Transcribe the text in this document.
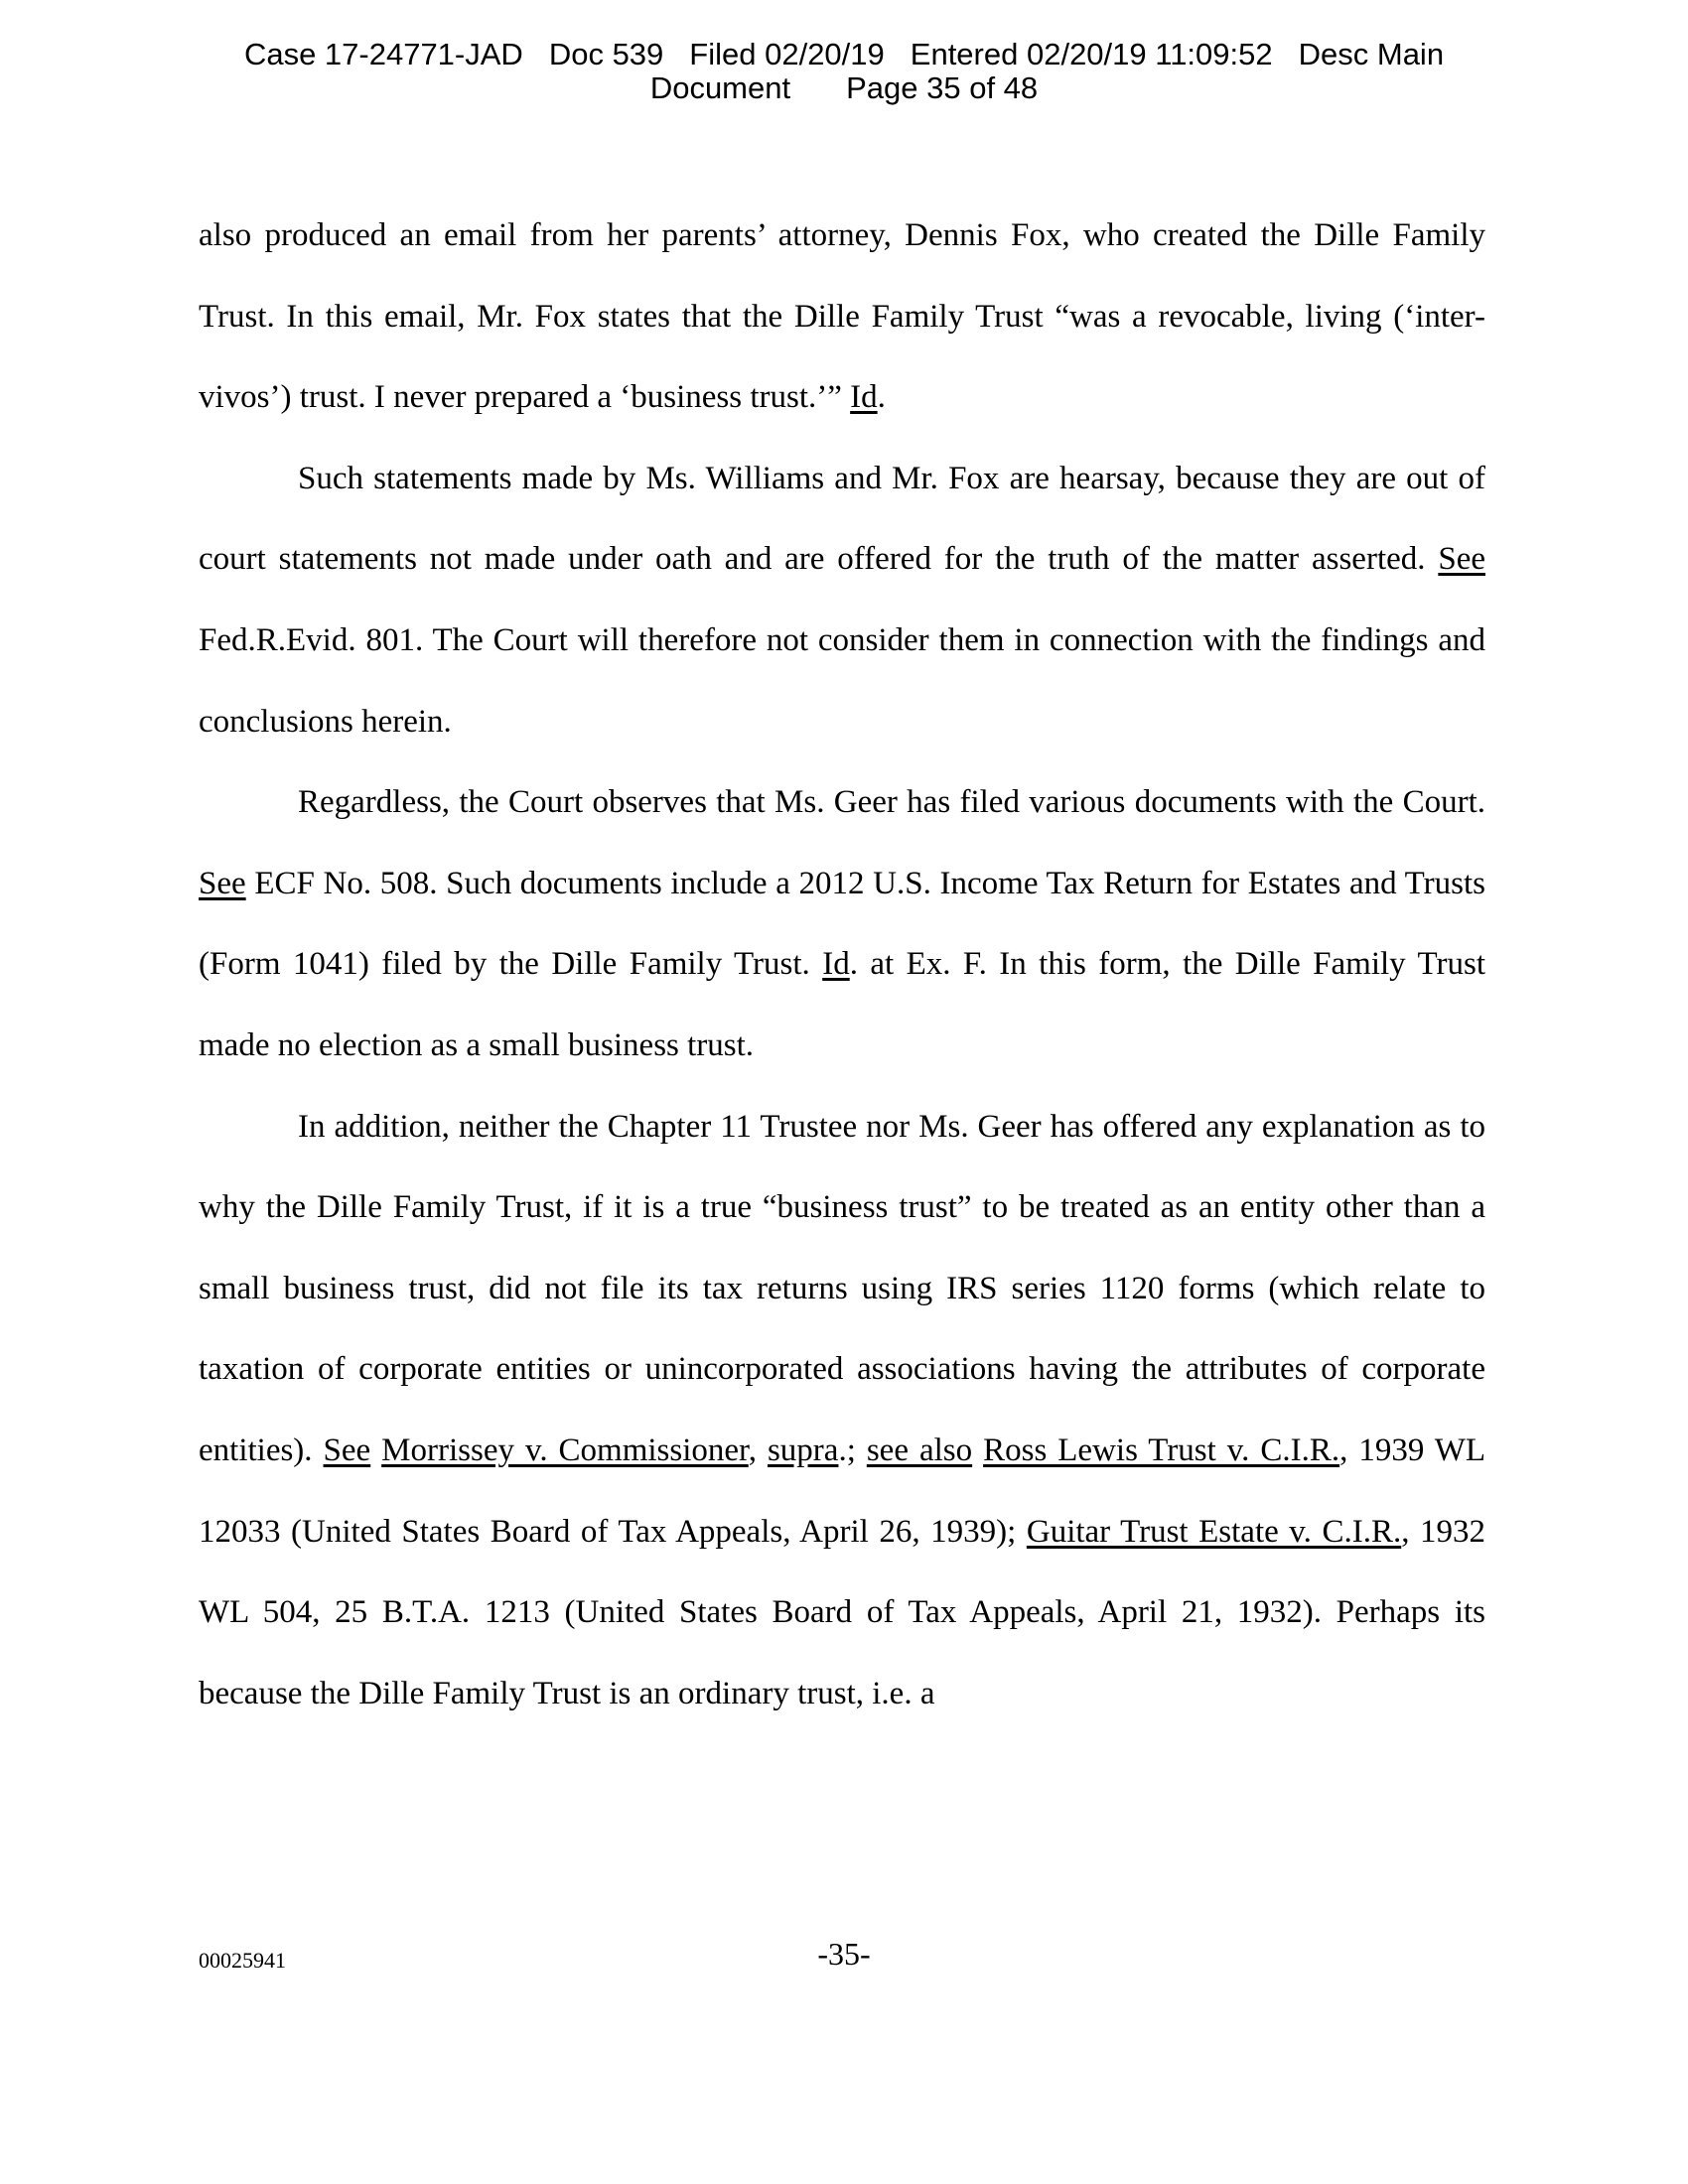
Case 17-24771-JAD Doc 539 Filed 02/20/19 Entered 02/20/19 11:09:52 Desc Main
Document Page 35 of 48

also produced an email from her parents’ attorney, Dennis Fox, who created the Dille Family Trust. In this email, Mr. Fox states that the Dille Family Trust “was a revocable, living (‘inter-vivos’) trust. I never prepared a ‘business trust.’” Id.

Such statements made by Ms. Williams and Mr. Fox are hearsay, because they are out of court statements not made under oath and are offered for the truth of the matter asserted. See Fed.R.Evid. 801. The Court will therefore not consider them in connection with the findings and conclusions herein.

Regardless, the Court observes that Ms. Geer has filed various documents with the Court. See ECF No. 508. Such documents include a 2012 U.S. Income Tax Return for Estates and Trusts (Form 1041) filed by the Dille Family Trust. Id. at Ex. F. In this form, the Dille Family Trust made no election as a small business trust.

In addition, neither the Chapter 11 Trustee nor Ms. Geer has offered any explanation as to why the Dille Family Trust, if it is a true “business trust” to be treated as an entity other than a small business trust, did not file its tax returns using IRS series 1120 forms (which relate to taxation of corporate entities or unincorporated associations having the attributes of corporate entities). See Morrissey v. Commissioner, supra.; see also Ross Lewis Trust v. C.I.R., 1939 WL 12033 (United States Board of Tax Appeals, April 26, 1939); Guitar Trust Estate v. C.I.R., 1932 WL 504, 25 B.T.A. 1213 (United States Board of Tax Appeals, April 21, 1932). Perhaps its because the Dille Family Trust is an ordinary trust, i.e. a

00025941	-35-
